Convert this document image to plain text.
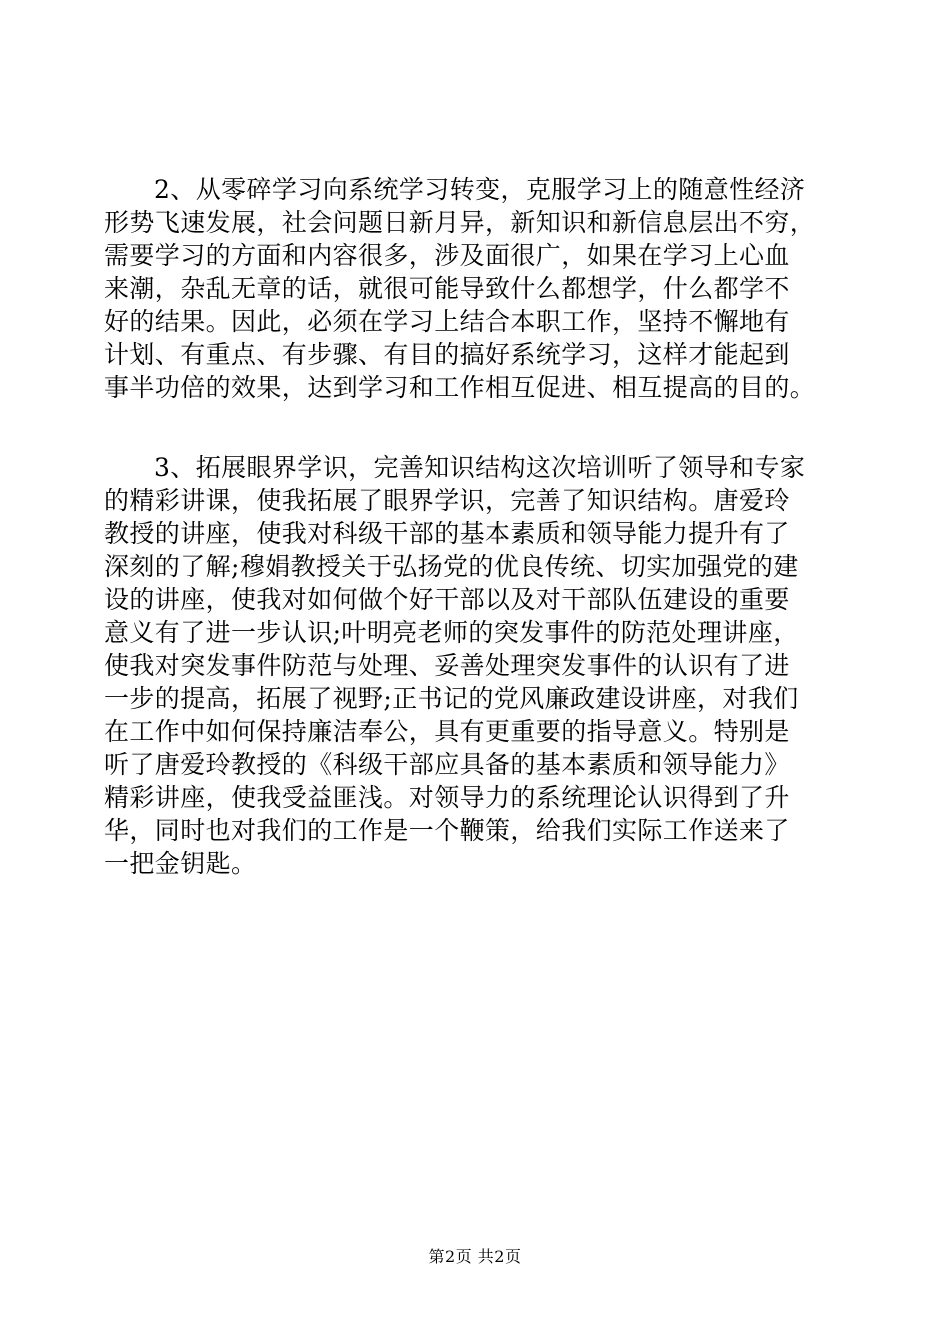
2、从零碎学习向系统学习转变，克服学习上的随意性经济
形势飞速发展，社会问题日新月异，新知识和新信息层出不穷，
需要学习的方面和内容很多，涉及面很广，如果在学习上心血
来潮，杂乱无章的话，就很可能导致什么都想学，什么都学不
好的结果。因此，必须在学习上结合本职工作，坚持不懈地有
计划、有重点、有步骤、有目的搞好系统学习，这样才能起到
事半功倍的效果，达到学习和工作相互促进、相互提高的目的。
3、拓展眼界学识，完善知识结构这次培训听了领导和专家
的精彩讲课，使我拓展了眼界学识，完善了知识结构。唐爱玲
教授的讲座，使我对科级干部的基本素质和领导能力提升有了
深刻的了解;穆娟教授关于弘扬党的优良传统、切实加强党的建
设的讲座，使我对如何做个好干部以及对干部队伍建设的重要
意义有了进一步认识;叶明亮老师的突发事件的防范处理讲座，
使我对突发事件防范与处理、妥善处理突发事件的认识有了进
一步的提高，拓展了视野;正书记的党风廉政建设讲座，对我们
在工作中如何保持廉洁奉公，具有更重要的指导意义。特别是
听了唐爱玲教授的《科级干部应具备的基本素质和领导能力》
精彩讲座，使我受益匪浅。对领导力的系统理论认识得到了升
华，同时也对我们的工作是一个鞭策，给我们实际工作送来了
一把金钥匙。
第2页 共2页
